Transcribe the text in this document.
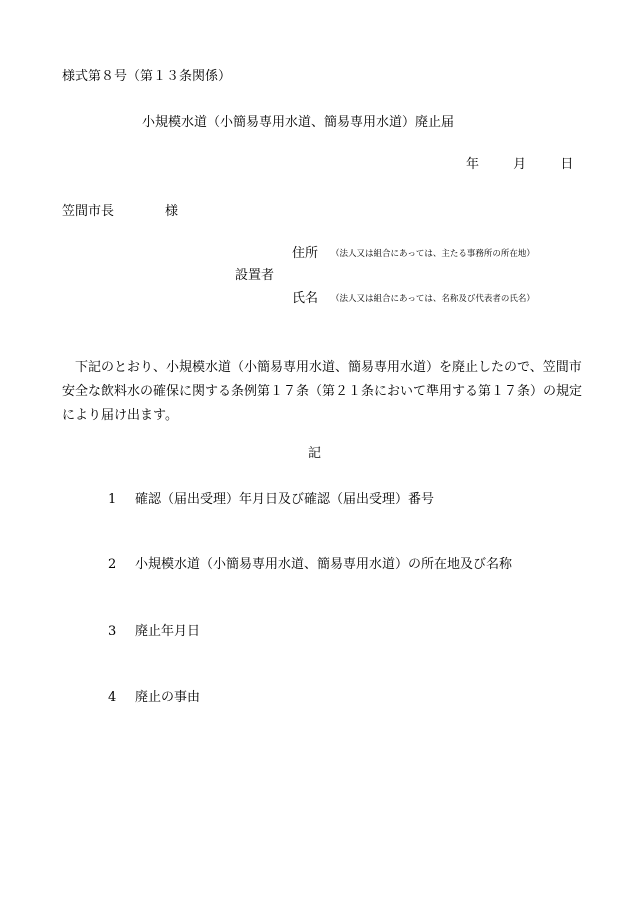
様式第８号（第１３条関係）
小規模水道（小簡易専用水道、簡易専用水道）廃止届
年	月	日
笠間市長	様
住所 （法人又は組合にあっては、主たる事務所の所在地）
設置者
氏名 （法人又は組合にあっては、名称及び代表者の氏名）

下記のとおり、小規模水道（小簡易専用水道、簡易専用水道）を廃止したので、笠間市安全な飲料水の確保に関する条例第１７条（第２１条において準用する第１７条）の規定により届け出ます。

記
1 確認（届出受理）年月日及び確認（届出受理）番号
2 小規模水道（小簡易専用水道、簡易専用水道）の所在地及び名称
3 廃止年月日
4 廃止の事由
